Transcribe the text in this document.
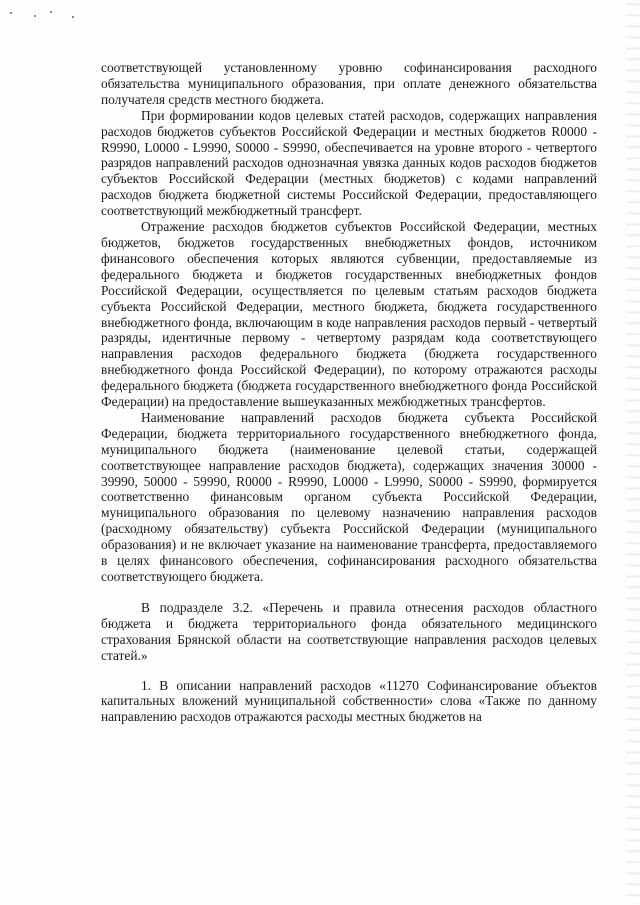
соответствующей установленному уровню софинансирования расходного обязательства муниципального образования, при оплате денежного обязательства получателя средств местного бюджета.

При формировании кодов целевых статей расходов, содержащих направления расходов бюджетов субъектов Российской Федерации и местных бюджетов R0000 - R9990, L0000 - L9990, S0000 - S9990, обеспечивается на уровне второго - четвертого разрядов направлений расходов однозначная увязка данных кодов расходов бюджетов субъектов Российской Федерации (местных бюджетов) с кодами направлений расходов бюджета бюджетной системы Российской Федерации, предоставляющего соответствующий межбюджетный трансферт.

Отражение расходов бюджетов субъектов Российской Федерации, местных бюджетов, бюджетов государственных внебюджетных фондов, источником финансового обеспечения которых являются субвенции, предоставляемые из федерального бюджета и бюджетов государственных внебюджетных фондов Российской Федерации, осуществляется по целевым статьям расходов бюджета субъекта Российской Федерации, местного бюджета, бюджета государственного внебюджетного фонда, включающим в коде направления расходов первый - четвертый разряды, идентичные первому - четвертому разрядам кода соответствующего направления расходов федерального бюджета (бюджета государственного внебюджетного фонда Российской Федерации), по которому отражаются расходы федерального бюджета (бюджета государственного внебюджетного фонда Российской Федерации) на предоставление вышеуказанных межбюджетных трансфертов.

Наименование направлений расходов бюджета субъекта Российской Федерации, бюджета территориального государственного внебюджетного фонда, муниципального бюджета (наименование целевой статьи, содержащей соответствующее направление расходов бюджета), содержащих значения 30000 - 39990, 50000 - 59990, R0000 - R9990, L0000 - L9990, S0000 - S9990, формируется соответственно финансовым органом субъекта Российской Федерации, муниципального образования по целевому назначению направления расходов (расходному обязательству) субъекта Российской Федерации (муниципального образования) и не включает указание на наименование трансферта, предоставляемого в целях финансового обеспечения, софинансирования расходного обязательства соответствующего бюджета.

В подразделе 3.2. «Перечень и правила отнесения расходов областного бюджета и бюджета территориального фонда обязательного медицинского страхования Брянской области на соответствующие направления расходов целевых статей.»

1. В описании направлений расходов «11270 Софинансирование объектов капитальных вложений муниципальной собственности» слова «Также по данному направлению расходов отражаются расходы местных бюджетов на
